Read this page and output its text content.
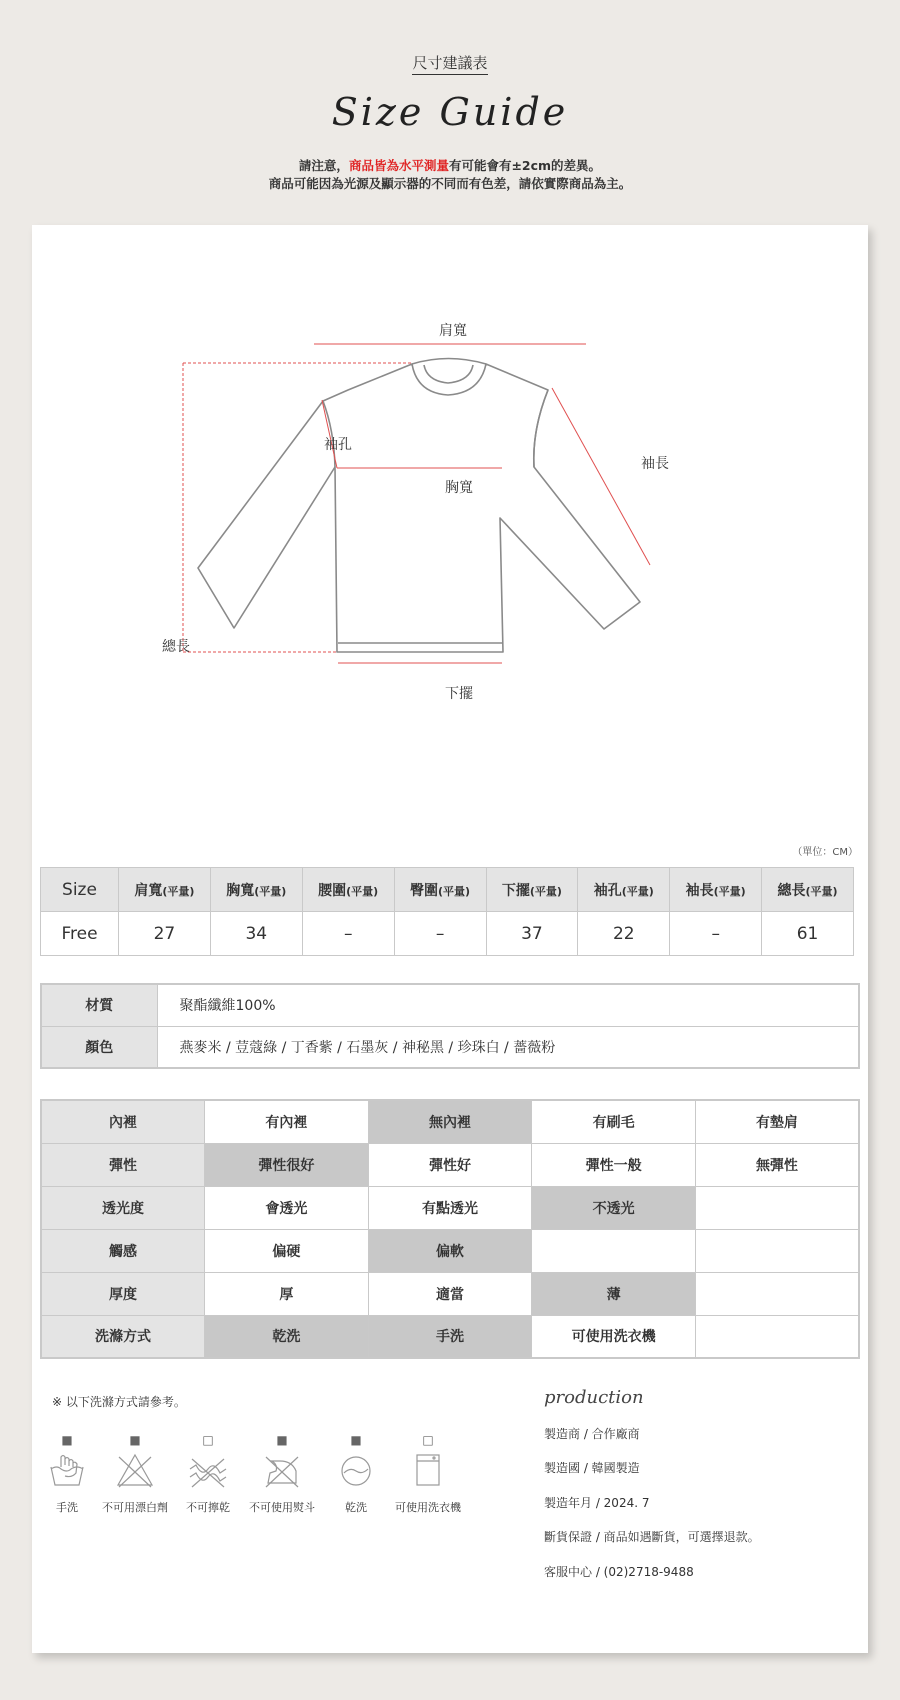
尺寸建議表
Size Guide
請注意，商品皆為水平測量有可能會有±2cm的差異。
商品可能因為光源及顯示器的不同而有色差，請依實際商品為主。
肩寬
袖孔
袖長
胸寬
總長
下擺
（單位：CM）
Size	肩寬(平量)	胸寬(平量)	腰圍(平量)	臀圍(平量)	下擺(平量)	袖孔(平量)	袖長(平量)	總長(平量)
Free	27	34	–	–	37	22	–	61
材質	聚酯纖維100%
顏色	燕麥米 / 荳蔻綠 / 丁香紫 / 石墨灰 / 神秘黑 / 珍珠白 / 薔薇粉
內裡	有內裡	無內裡	有刷毛	有墊肩
彈性	彈性很好	彈性好	彈性一般	無彈性
透光度	會透光	有點透光	不透光	
觸感	偏硬	偏軟		
厚度	厚	適當	薄	
洗滌方式	乾洗	手洗	可使用洗衣機	
※ 以下洗滌方式請參考。
■
手洗
■
不可用漂白劑
□
不可擰乾
■
不可使用熨斗
■
乾洗
□
可使用洗衣機
production
製造商 / 合作廠商
製造國 / 韓國製造
製造年月 / 2024. 7
斷貨保證 / 商品如遇斷貨，可選擇退款。
客服中心 / (02)2718-9488
